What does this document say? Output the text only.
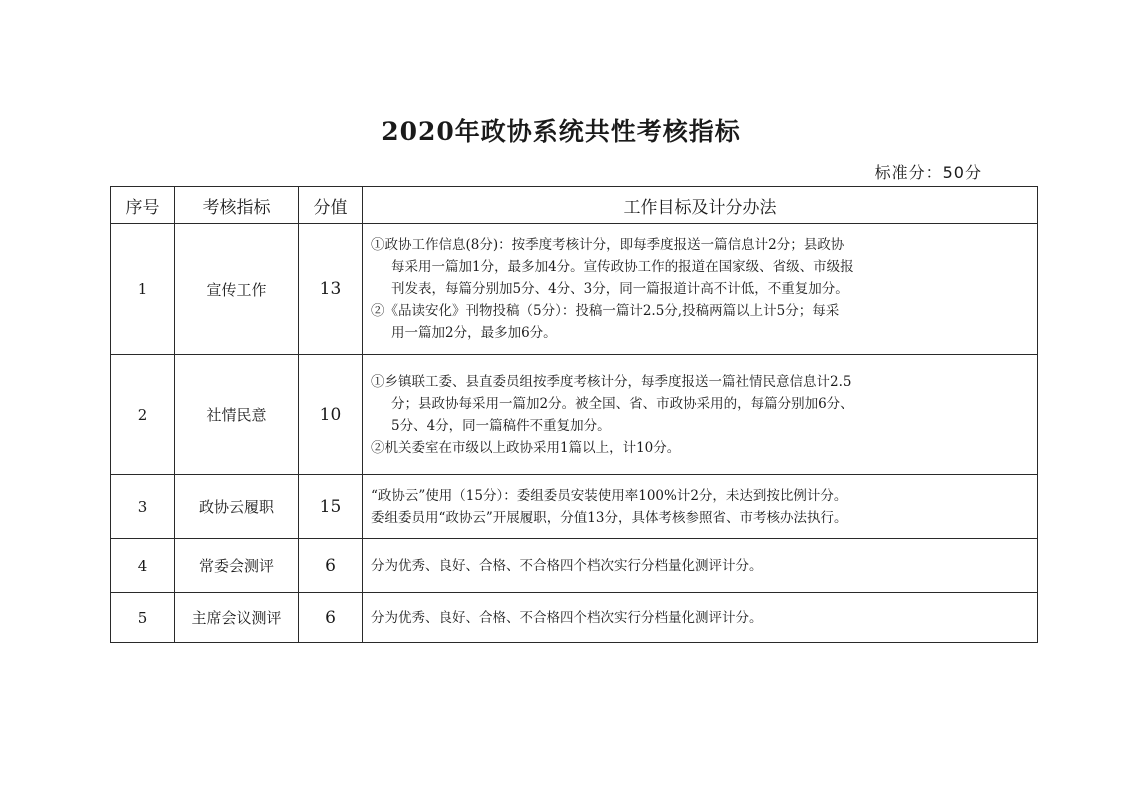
2020年政协系统共性考核指标
标准分：50分
序号	考核指标	分值	工作目标及计分办法
1	宣传工作	13	①政协工作信息(8分)：按季度考核计分，即每季度报送一篇信息计2分；县政协
每采用一篇加1分，最多加4分。宣传政协工作的报道在国家级、省级、市级报
刊发表，每篇分别加5分、4分、3分，同一篇报道计高不计低，不重复加分。
②《品读安化》刊物投稿（5分）：投稿一篇计2.5分,投稿两篇以上计5分；每采
用一篇加2分，最多加6分。

2	社情民意	10	①乡镇联工委、县直委员组按季度考核计分，每季度报送一篇社情民意信息计2.5
分；县政协每采用一篇加2分。被全国、省、市政协采用的，每篇分别加6分、
5分、4分，同一篇稿件不重复加分。
②机关委室在市级以上政协采用1篇以上，计10分。

3	政协云履职	15	“政协云”使用（15分）：委组委员安装使用率100%计2分，未达到按比例计分。
委组委员用“政协云”开展履职，分值13分，具体考核参照省、市考核办法执行。

4	常委会测评	6	分为优秀、良好、合格、不合格四个档次实行分档量化测评计分。

5	主席会议测评	6	分为优秀、良好、合格、不合格四个档次实行分档量化测评计分。
